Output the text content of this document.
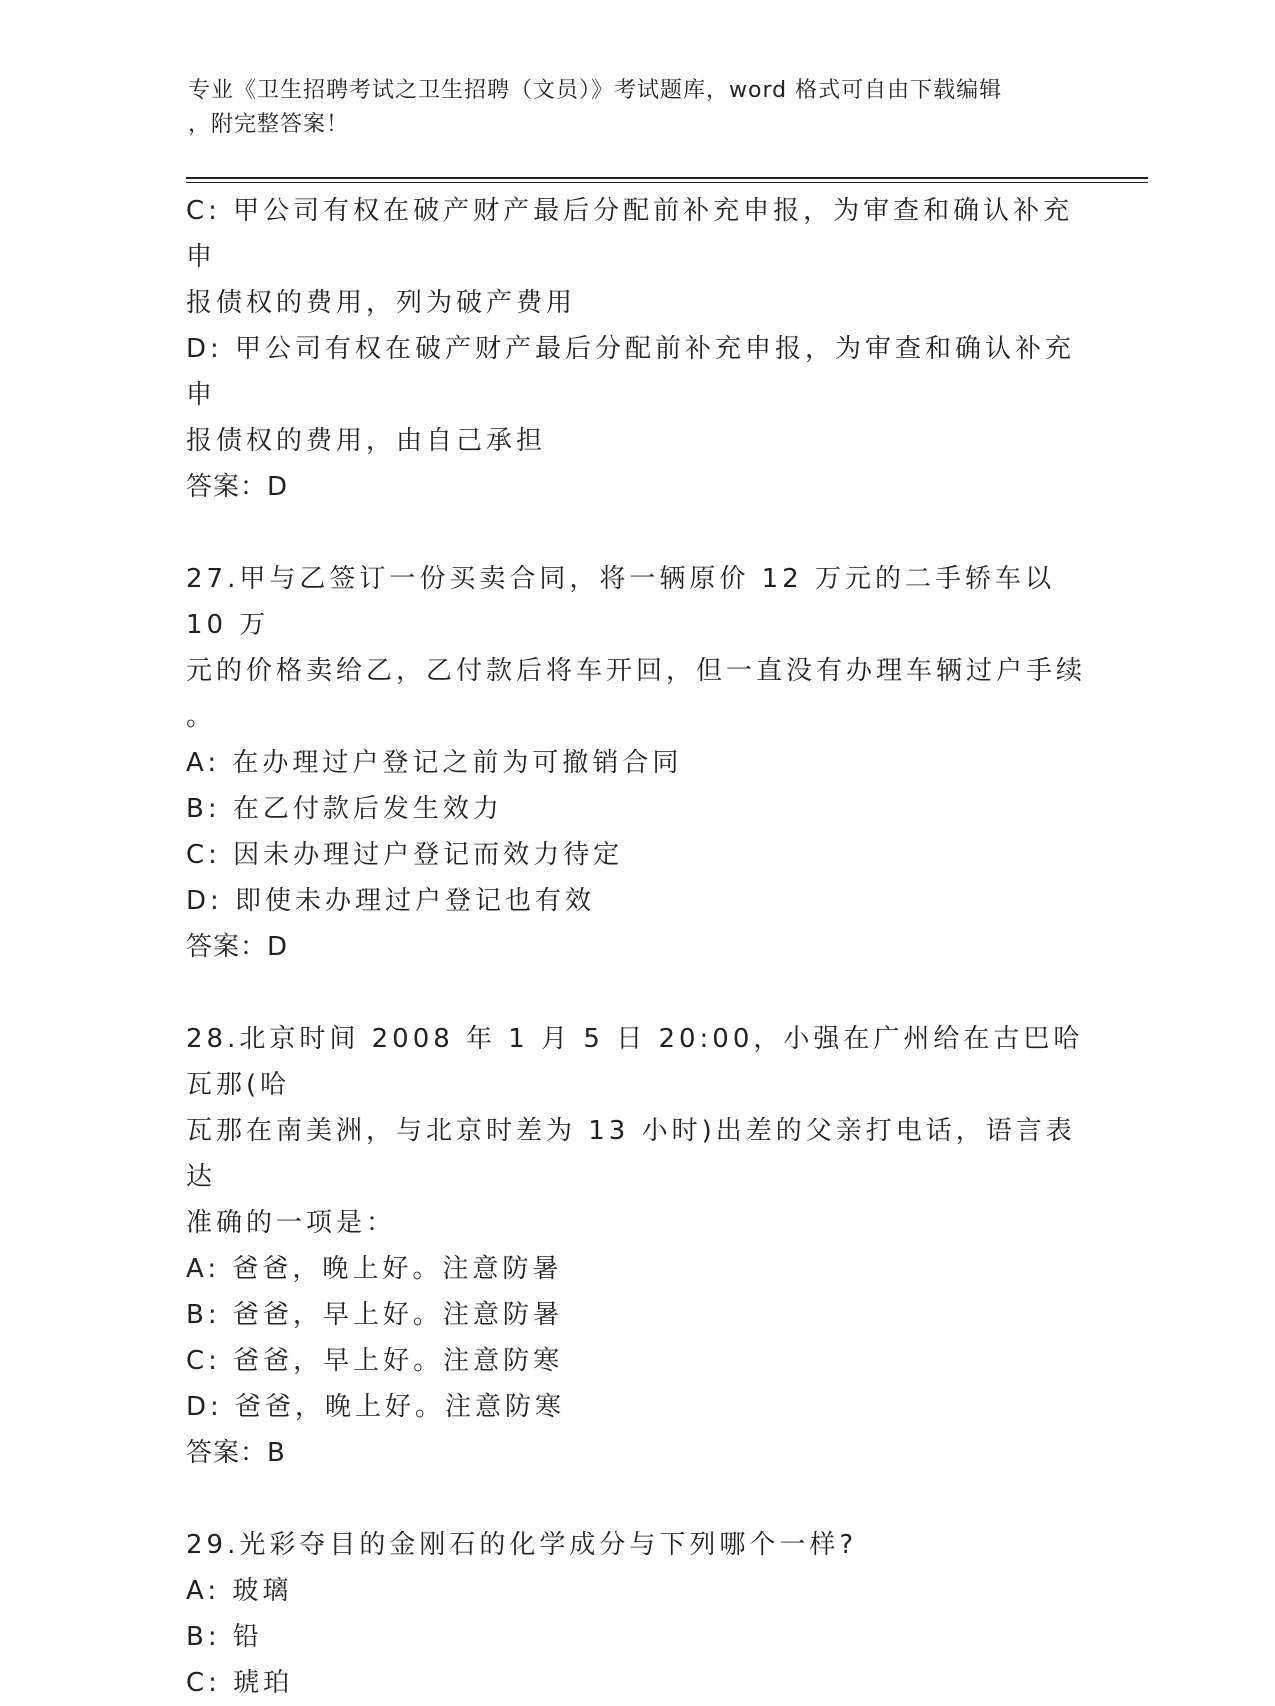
专业《卫生招聘考试之卫生招聘（文员）》考试题库，word 格式可自由下载编辑

，附完整答案！

C: 甲公司有权在破产财产最后分配前补充申报，为审查和确认补充申

报债权的费用，列为破产费用

D: 甲公司有权在破产财产最后分配前补充申报，为审查和确认补充申

报债权的费用，由自己承担

答案：D

27.甲与乙签订一份买卖合同，将一辆原价 12 万元的二手轿车以 10 万

元的价格卖给乙，乙付款后将车开回，但一直没有办理车辆过户手续

。

A: 在办理过户登记之前为可撤销合同

B: 在乙付款后发生效力

C: 因未办理过户登记而效力待定

D: 即使未办理过户登记也有效

答案：D

28.北京时间 2008 年 1 月 5 日 20:00，小强在广州给在古巴哈瓦那(哈

瓦那在南美洲，与北京时差为 13 小时)出差的父亲打电话，语言表达

准确的一项是：

A: 爸爸，晚上好。注意防暑

B: 爸爸，早上好。注意防暑

C: 爸爸，早上好。注意防寒

D: 爸爸，晚上好。注意防寒

答案：B

29.光彩夺目的金刚石的化学成分与下列哪个一样?

A: 玻璃

B: 铅

C: 琥珀
